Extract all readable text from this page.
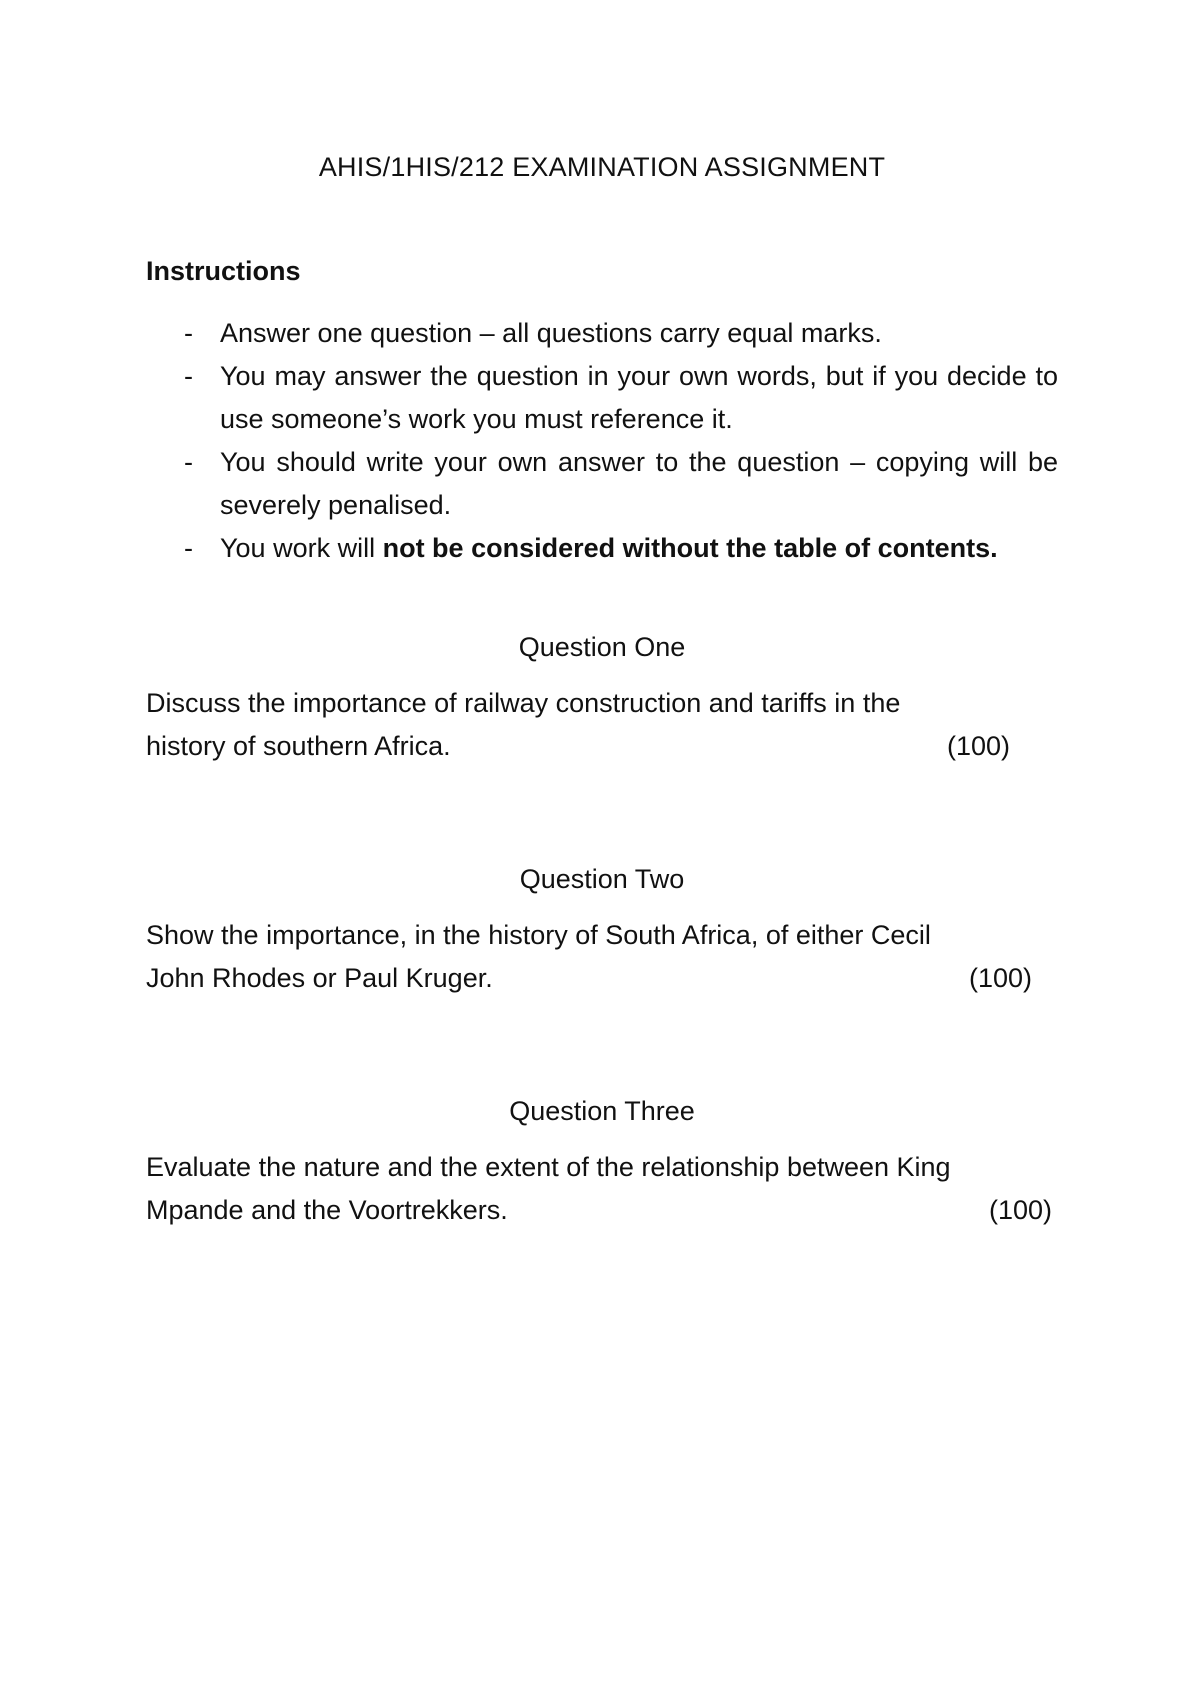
AHIS/1HIS/212 EXAMINATION ASSIGNMENT
Instructions
- Answer one question – all questions carry equal marks.
- You may answer the question in your own words, but if you decide to use someone’s work you must reference it.
- You should write your own answer to the question – copying will be severely penalised.
- You work will not be considered without the table of contents.
Question One
Discuss the importance of railway construction and tariffs in the
history of southern Africa.	(100)
Question Two
Show the importance, in the history of South Africa, of either Cecil
John Rhodes or Paul Kruger.	(100)
Question Three
Evaluate the nature and the extent of the relationship between King
Mpande and the Voortrekkers.	(100)
